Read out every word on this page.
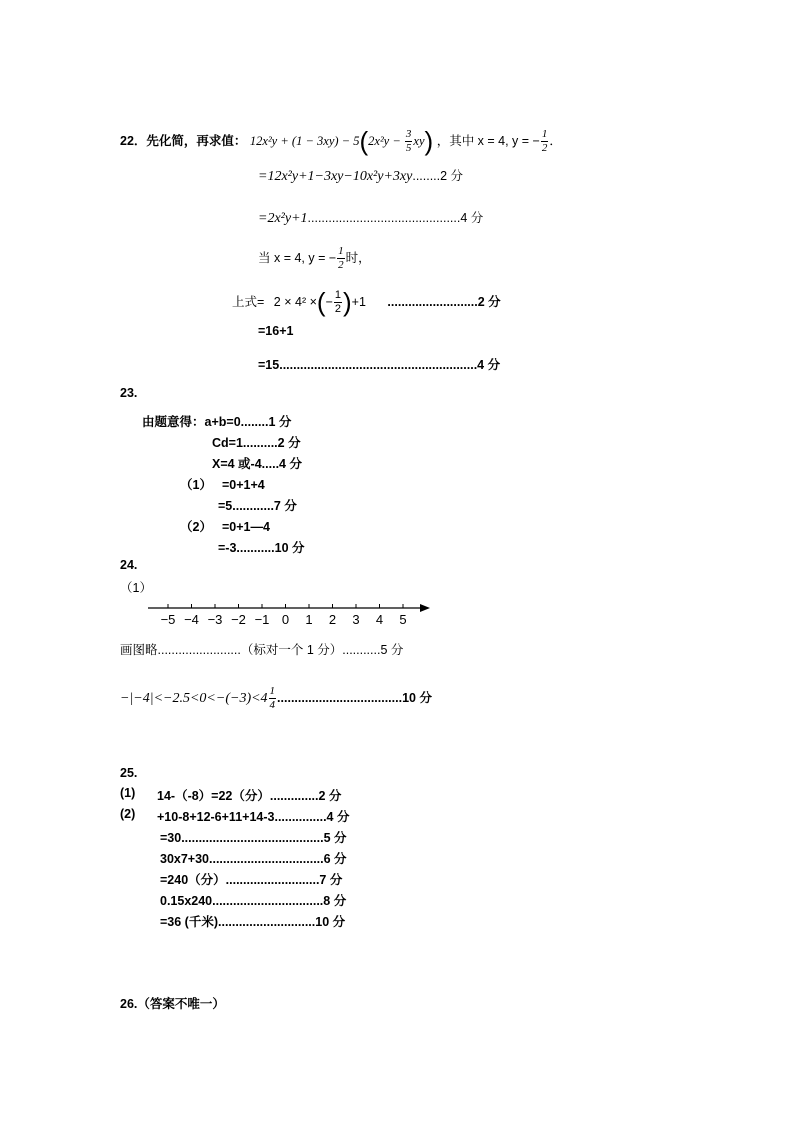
22．先化简，再求值： $12x^2y + (1 - 3xy) - 5(2x^2y - \frac{3}{5} xy)$ ，其中 x = 4, y = − $\frac{1}{2}$ ．
=12x²y+1−3xy−10x²y+3xy........2 分
=2x²y+1............................................4 分
当 x = 4, y = − $\frac{1}{2}$ 时，
上式= 2 × 4² ×(− $\frac{1}{2} )+1$ ..........................2 分
=16+1
=15.........................................................4 分
23.
由题意得：a+b=0........1 分
Cd=1..........2 分
X=4 或-4.....4 分
（1） =0+1+4
=5............7 分
（2） =0+1—4
=-3...........10 分
24.
（1）
−5 −4 −3 −2 −1 0 1 2 3 4 5
画图略........................（标对一个 1 分）...........5 分
$-|-4|<-2.5<0<-(-3)<4 \frac{1}{4} ....................................10$ 分
25.
(1) 14-（-8）=22（分）..............2 分
(2) +10-8+12-6+11+14-3...............4 分
=30.........................................5 分
30x7+30.................................6 分
=240（分）...........................7 分
0.15x240................................8 分
=36 (千米)............................10 分
26.（答案不唯一）
